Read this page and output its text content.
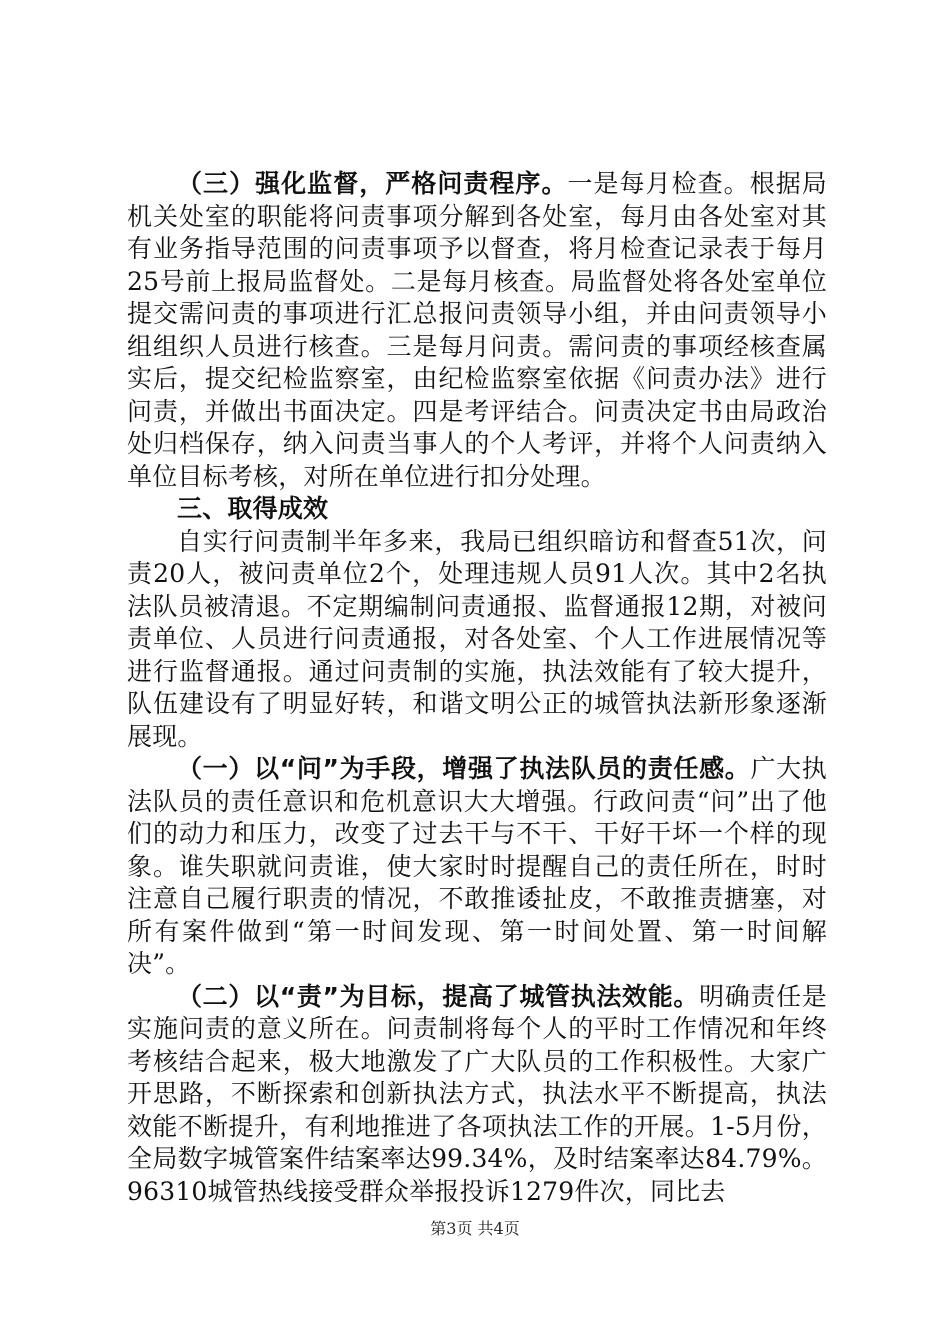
（三）强化监督，严格问责程序。一是每月检查。根据局机关处室的职能将问责事项分解到各处室，每月由各处室对其有业务指导范围的问责事项予以督查，将月检查记录表于每月25号前上报局监督处。二是每月核查。局监督处将各处室单位提交需问责的事项进行汇总报问责领导小组，并由问责领导小组组织人员进行核查。三是每月问责。需问责的事项经核查属实后，提交纪检监察室，由纪检监察室依据《问责办法》进行问责，并做出书面决定。四是考评结合。问责决定书由局政治处归档保存，纳入问责当事人的个人考评，并将个人问责纳入单位目标考核，对所在单位进行扣分处理。

三、取得成效

自实行问责制半年多来，我局已组织暗访和督查51次，问责20人，被问责单位2个，处理违规人员91人次。其中2名执法队员被清退。不定期编制问责通报、监督通报12期，对被问责单位、人员进行问责通报，对各处室、个人工作进展情况等进行监督通报。通过问责制的实施，执法效能有了较大提升，队伍建设有了明显好转，和谐文明公正的城管执法新形象逐渐展现。

（一）以“问”为手段，增强了执法队员的责任感。广大执法队员的责任意识和危机意识大大增强。行政问责“问”出了他们的动力和压力，改变了过去干与不干、干好干坏一个样的现象。谁失职就问责谁，使大家时时提醒自己的责任所在，时时注意自己履行职责的情况，不敢推诿扯皮，不敢推责搪塞，对所有案件做到“第一时间发现、第一时间处置、第一时间解决”。

（二）以“责”为目标，提高了城管执法效能。明确责任是实施问责的意义所在。问责制将每个人的平时工作情况和年终考核结合起来，极大地激发了广大队员的工作积极性。大家广开思路，不断探索和创新执法方式，执法水平不断提高，执法效能不断提升，有利地推进了各项执法工作的开展。1-5月份，全局数字城管案件结案率达99.34%，及时结案率达84.79%。96310城管热线接受群众举报投诉1279件次，同比去

第3页 共4页
